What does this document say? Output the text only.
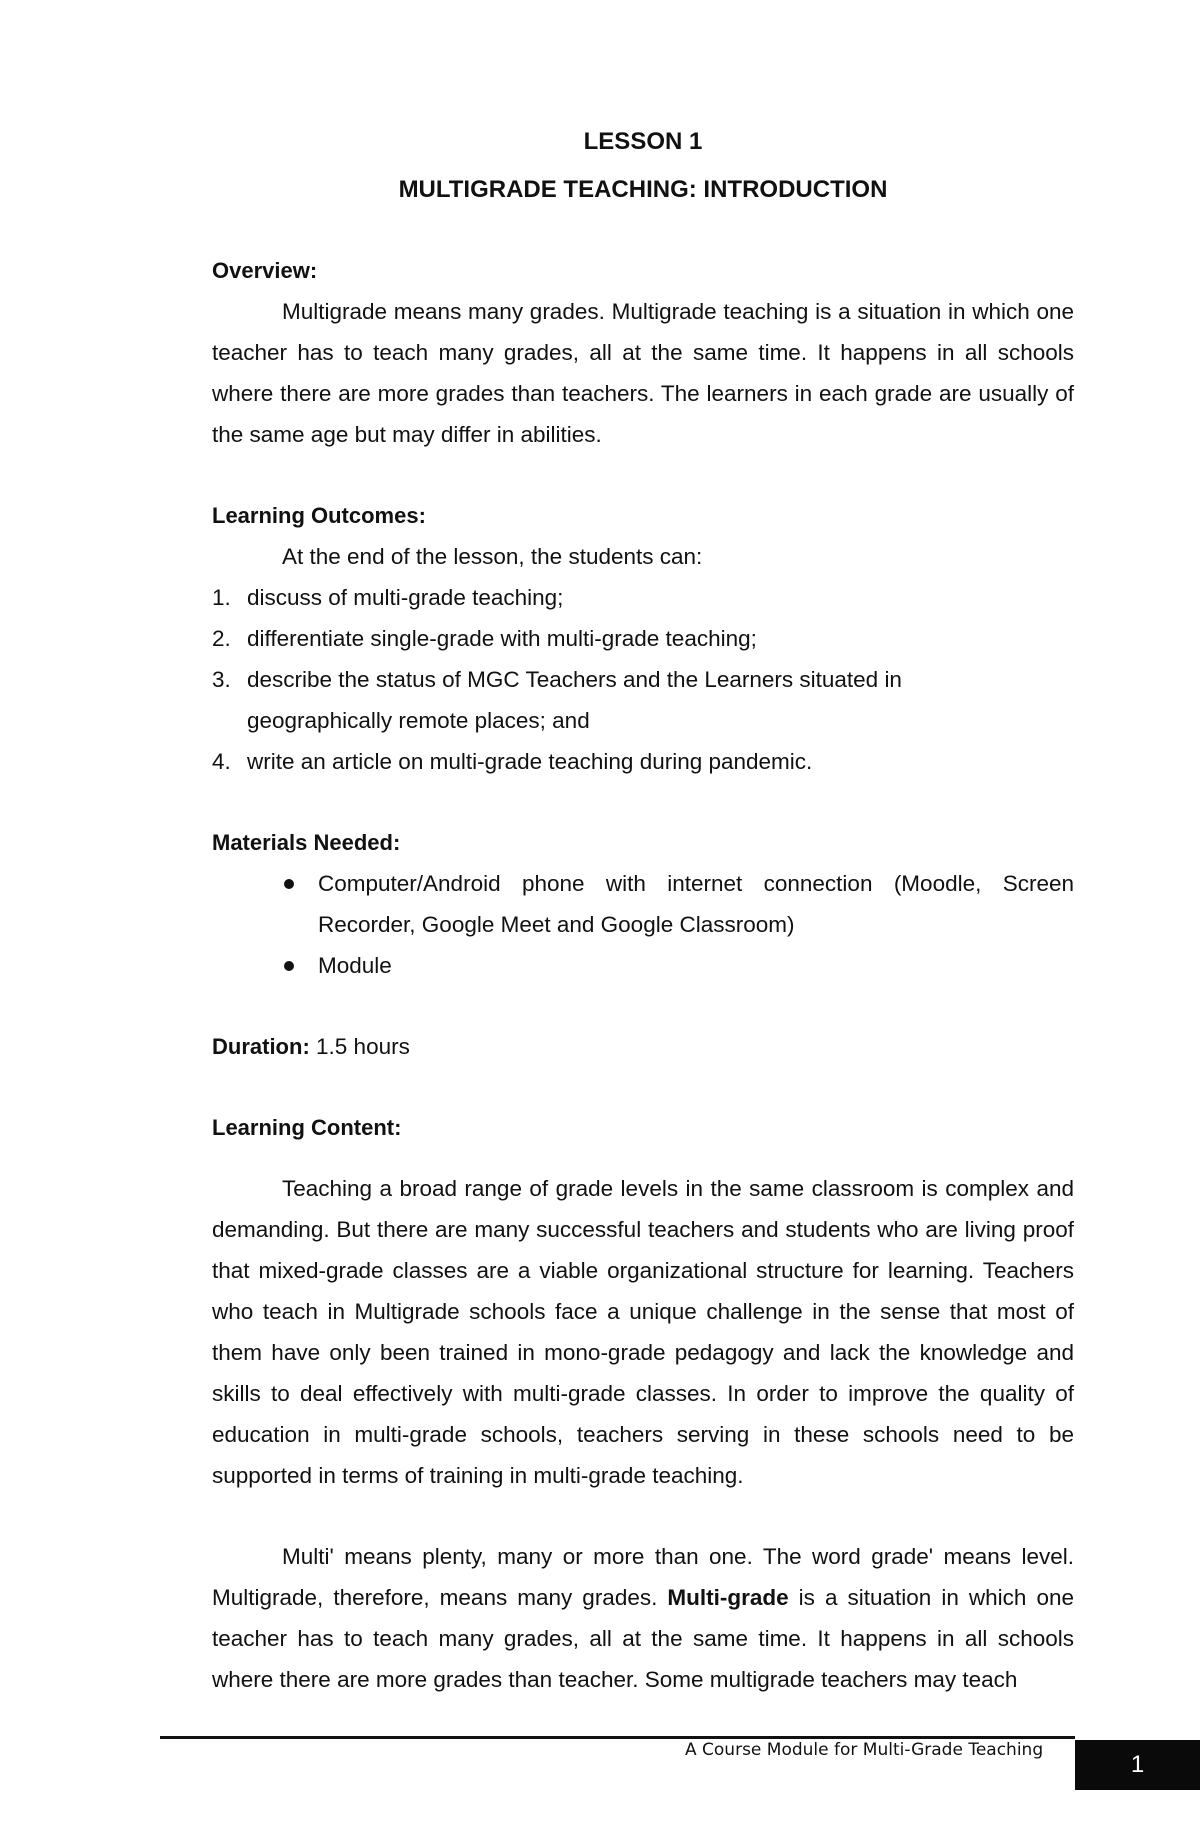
LESSON 1

MULTIGRADE TEACHING: INTRODUCTION

Overview:

Multigrade means many grades. Multigrade teaching is a situation in which one teacher has to teach many grades, all at the same time. It happens in all schools where there are more grades than teachers. The learners in each grade are usually of the same age but may differ in abilities.

Learning Outcomes:

At the end of the lesson, the students can:

1. discuss of multi-grade teaching;
2. differentiate single-grade with multi-grade teaching;
3. describe the status of MGC Teachers and the Learners situated in geographically remote places; and
4. write an article on multi-grade teaching during pandemic.

Materials Needed:

Computer/Android phone with internet connection (Moodle, Screen Recorder, Google Meet and Google Classroom)
Module

Duration: 1.5 hours

Learning Content:

Teaching a broad range of grade levels in the same classroom is complex and demanding. But there are many successful teachers and students who are living proof that mixed-grade classes are a viable organizational structure for learning. Teachers who teach in Multigrade schools face a unique challenge in the sense that most of them have only been trained in mono-grade pedagogy and lack the knowledge and skills to deal effectively with multi-grade classes. In order to improve the quality of education in multi-grade schools, teachers serving in these schools need to be supported in terms of training in multi-grade teaching.

Multi' means plenty, many or more than one. The word grade' means level. Multigrade, therefore, means many grades. Multi-grade is a situation in which one teacher has to teach many grades, all at the same time. It happens in all schools where there are more grades than teacher. Some multigrade teachers may teach

A Course Module for Multi-Grade Teaching
1
